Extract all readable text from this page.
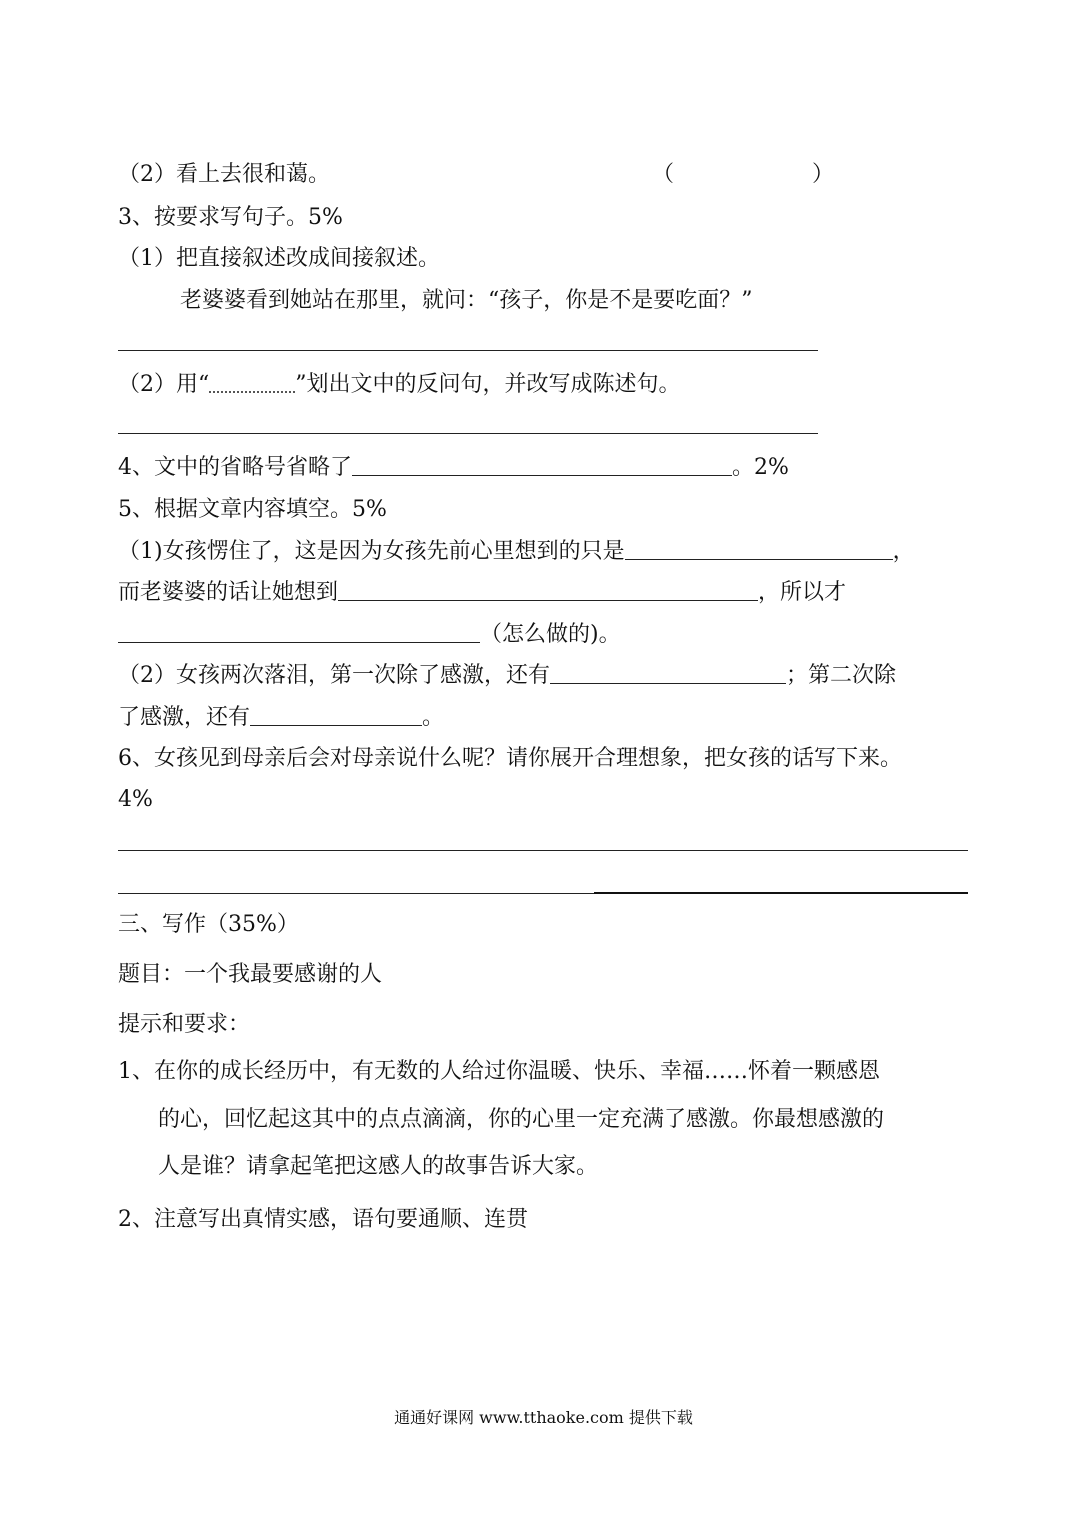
（2）看上去很和蔼。	（	）
3、按要求写句子。5%
（1）把直接叙述改成间接叙述。
老婆婆看到她站在那里，就问：“孩子，你是不是要吃面？”
（2）用“	”划出文中的反问句，并改写成陈述句。
4、文中的省略号省略了	。2%
5、根据文章内容填空。5%
（1)女孩愣住了，这是因为女孩先前心里想到的只是	，
而老婆婆的话让她想到	，所以才
（怎么做的)。
（2）女孩两次落泪，第一次除了感激，还有	；第二次除
了感激，还有	。
6、女孩见到母亲后会对母亲说什么呢？请你展开合理想象，把女孩的话写下来。
4%
三、写作（35%）
题目：一个我最要感谢的人
提示和要求：
1、在你的成长经历中，有无数的人给过你温暖、快乐、幸福……怀着一颗感恩
的心，回忆起这其中的点点滴滴，你的心里一定充满了感激。你最想感激的
人是谁？请拿起笔把这感人的故事告诉大家。
2、注意写出真情实感，语句要通顺、连贯
通通好课网 www.tthaoke.com 提供下载
